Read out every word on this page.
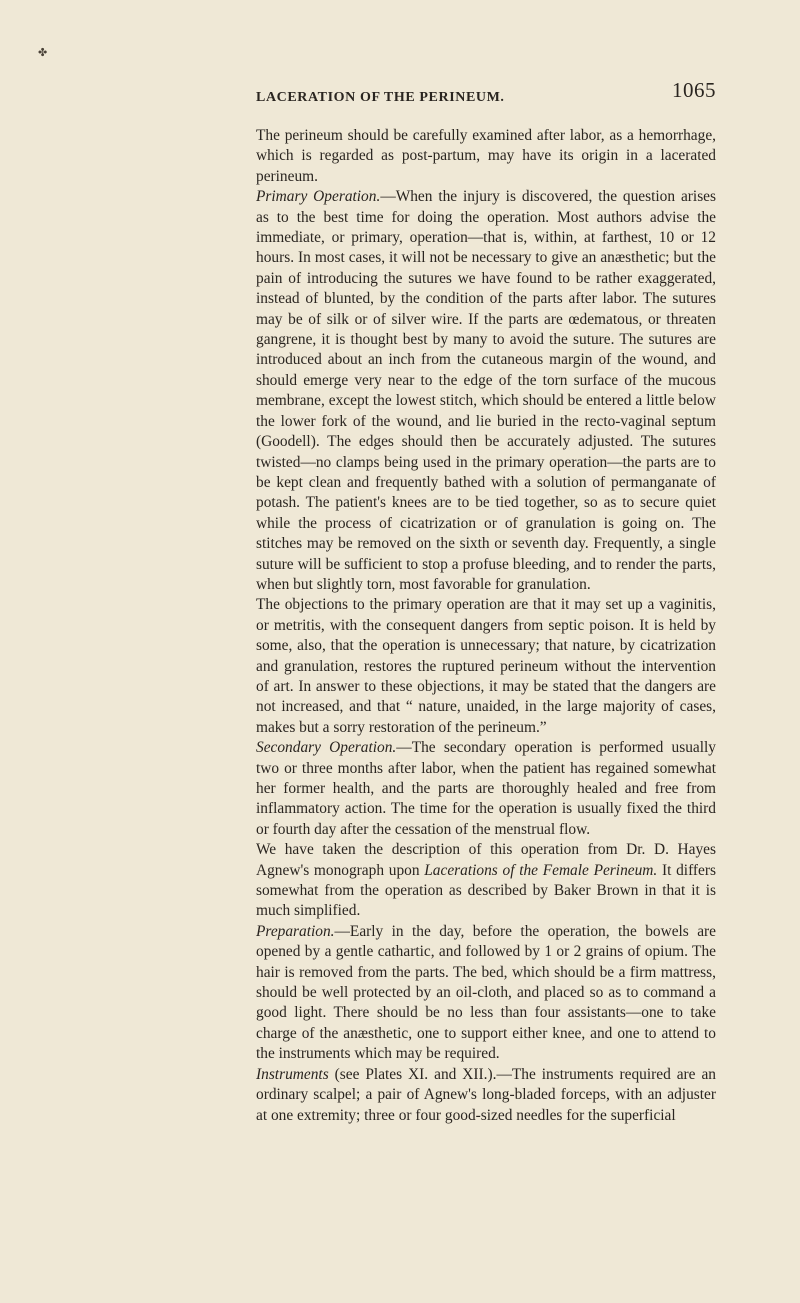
✤
LACERATION OF THE PERINEUM.	1065

The perineum should be carefully examined after labor, as a hemorrhage, which is regarded as post-partum, may have its origin in a lacerated perineum.

Primary Operation.—When the injury is discovered, the question arises as to the best time for doing the operation. Most authors advise the immediate, or primary, operation—that is, within, at farthest, 10 or 12 hours. In most cases, it will not be necessary to give an anæsthetic; but the pain of introducing the sutures we have found to be rather exaggerated, instead of blunted, by the condition of the parts after labor. The sutures may be of silk or of silver wire. If the parts are œdematous, or threaten gangrene, it is thought best by many to avoid the suture. The sutures are introduced about an inch from the cutaneous margin of the wound, and should emerge very near to the edge of the torn surface of the mucous membrane, except the lowest stitch, which should be entered a little below the lower fork of the wound, and lie buried in the recto-vaginal septum (Goodell). The edges should then be accurately adjusted. The sutures twisted—no clamps being used in the primary operation—the parts are to be kept clean and frequently bathed with a solution of permanganate of potash. The patient's knees are to be tied together, so as to secure quiet while the process of cicatrization or of granulation is going on. The stitches may be removed on the sixth or seventh day. Frequently, a single suture will be sufficient to stop a profuse bleeding, and to render the parts, when but slightly torn, most favorable for granulation.

The objections to the primary operation are that it may set up a vaginitis, or metritis, with the consequent dangers from septic poison. It is held by some, also, that the operation is unnecessary; that nature, by cicatrization and granulation, restores the ruptured perineum without the intervention of art. In answer to these objections, it may be stated that the dangers are not increased, and that “ nature, unaided, in the large majority of cases, makes but a sorry restoration of the perineum.”

Secondary Operation.—The secondary operation is performed usually two or three months after labor, when the patient has regained somewhat her former health, and the parts are thoroughly healed and free from inflammatory action. The time for the operation is usually fixed the third or fourth day after the cessation of the menstrual flow.

We have taken the description of this operation from Dr. D. Hayes Agnew's monograph upon Lacerations of the Female Perineum. It differs somewhat from the operation as described by Baker Brown in that it is much simplified.

Preparation.—Early in the day, before the operation, the bowels are opened by a gentle cathartic, and followed by 1 or 2 grains of opium. The hair is removed from the parts. The bed, which should be a firm mattress, should be well protected by an oil-cloth, and placed so as to command a good light. There should be no less than four assistants—one to take charge of the anæsthetic, one to support either knee, and one to attend to the instruments which may be required.

Instruments (see Plates XI. and XII.).—The instruments required are an ordinary scalpel; a pair of Agnew's long-bladed forceps, with an adjuster at one extremity; three or four good-sized needles for the superficial
